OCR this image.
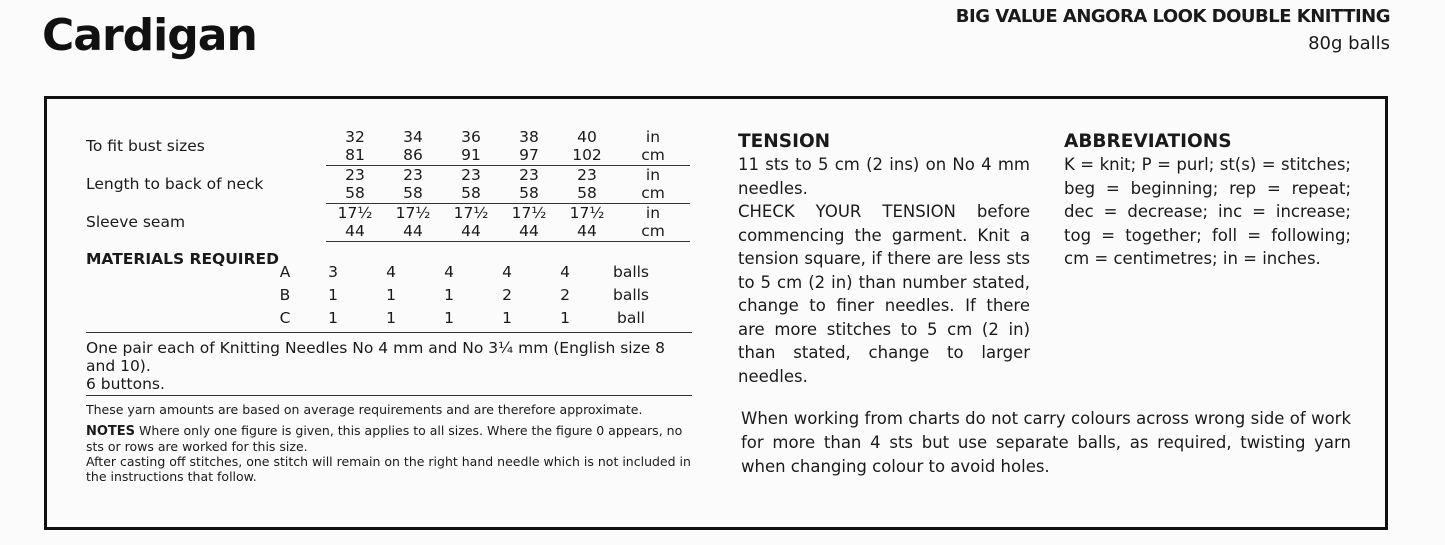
Cardigan	BIG VALUE ANGORA LOOK DOUBLE KNITTING
80g balls
To fit bust sizes	32	34	36	38	40	in
	81	86	91	97	102	cm
Length to back of neck	23	23	23	23	23	in
	58	58	58	58	58	cm
Sleeve seam	17½	17½	17½	17½	17½	in
	44	44	44	44	44	cm
MATERIALS REQUIRED
A	3	4	4	4	4	balls
B	1	1	1	2	2	balls
C	1	1	1	1	1	ball
One pair each of Knitting Needles No 4 mm and No 3¼ mm (English size 8 and 10).
6 buttons.

These yarn amounts are based on average requirements and are therefore approximate.

NOTES Where only one figure is given, this applies to all sizes. Where the figure 0 appears, no sts or rows are worked for this size.

After casting off stitches, one stitch will remain on the right hand needle which is not included in the instructions that follow.

TENSION
11 sts to 5 cm (2 ins) on No 4 mm needles.
CHECK YOUR TENSION before commencing the garment. Knit a tension square, if there are less sts to 5 cm (2 in) than number stated, change to finer needles. If there are more stitches to 5 cm (2 in) than stated, change to larger needles.
ABBREVIATIONS
K = knit; P = purl; st(s) = stitches; beg = beginning; rep = repeat; dec = decrease; inc = increase; tog = together; foll = following; cm = centimetres; in = inches.
When working from charts do not carry colours across wrong side of work for more than 4 sts but use separate balls, as required, twisting yarn when changing colour to avoid holes.
